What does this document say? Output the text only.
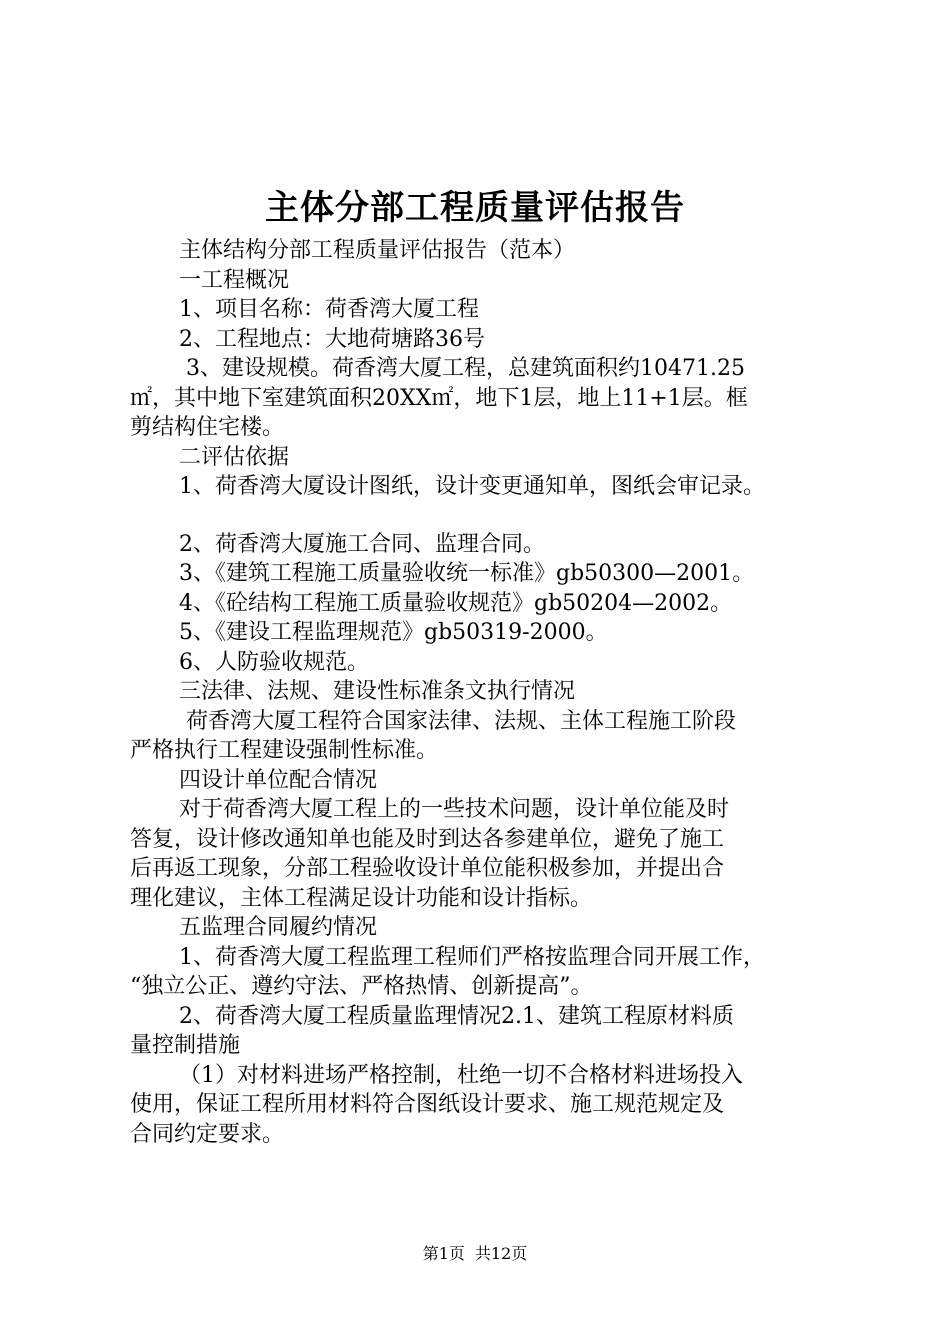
主体分部工程质量评估报告

主体结构分部工程质量评估报告（范本）

一工程概况

1、项目名称：荷香湾大厦工程

2、工程地点：大地荷塘路36号

3、建设规模。荷香湾大厦工程，总建筑面积约10471.25

㎡，其中地下室建筑面积20XX㎡，地下1层，地上11+1层。框

剪结构住宅楼。

二评估依据

1、荷香湾大厦设计图纸，设计变更通知单，图纸会审记录。

2、荷香湾大厦施工合同、监理合同。

3、《建筑工程施工质量验收统一标准》gb50300—2001。

4、《砼结构工程施工质量验收规范》gb50204—2002。

5、《建设工程监理规范》gb50319-2000。

6、人防验收规范。

三法律、法规、建设性标准条文执行情况

荷香湾大厦工程符合国家法律、法规、主体工程施工阶段

严格执行工程建设强制性标准。

四设计单位配合情况

对于荷香湾大厦工程上的一些技术问题，设计单位能及时

答复，设计修改通知单也能及时到达各参建单位，避免了施工

后再返工现象，分部工程验收设计单位能积极参加，并提出合

理化建议，主体工程满足设计功能和设计指标。

五监理合同履约情况

1、荷香湾大厦工程监理工程师们严格按监理合同开展工作，

“独立公正、遵约守法、严格热情、创新提高”。

2、荷香湾大厦工程质量监理情况2.1、建筑工程原材料质

量控制措施

（1）对材料进场严格控制，杜绝一切不合格材料进场投入

使用，保证工程所用材料符合图纸设计要求、施工规范规定及

合同约定要求。

第1页 共12页
